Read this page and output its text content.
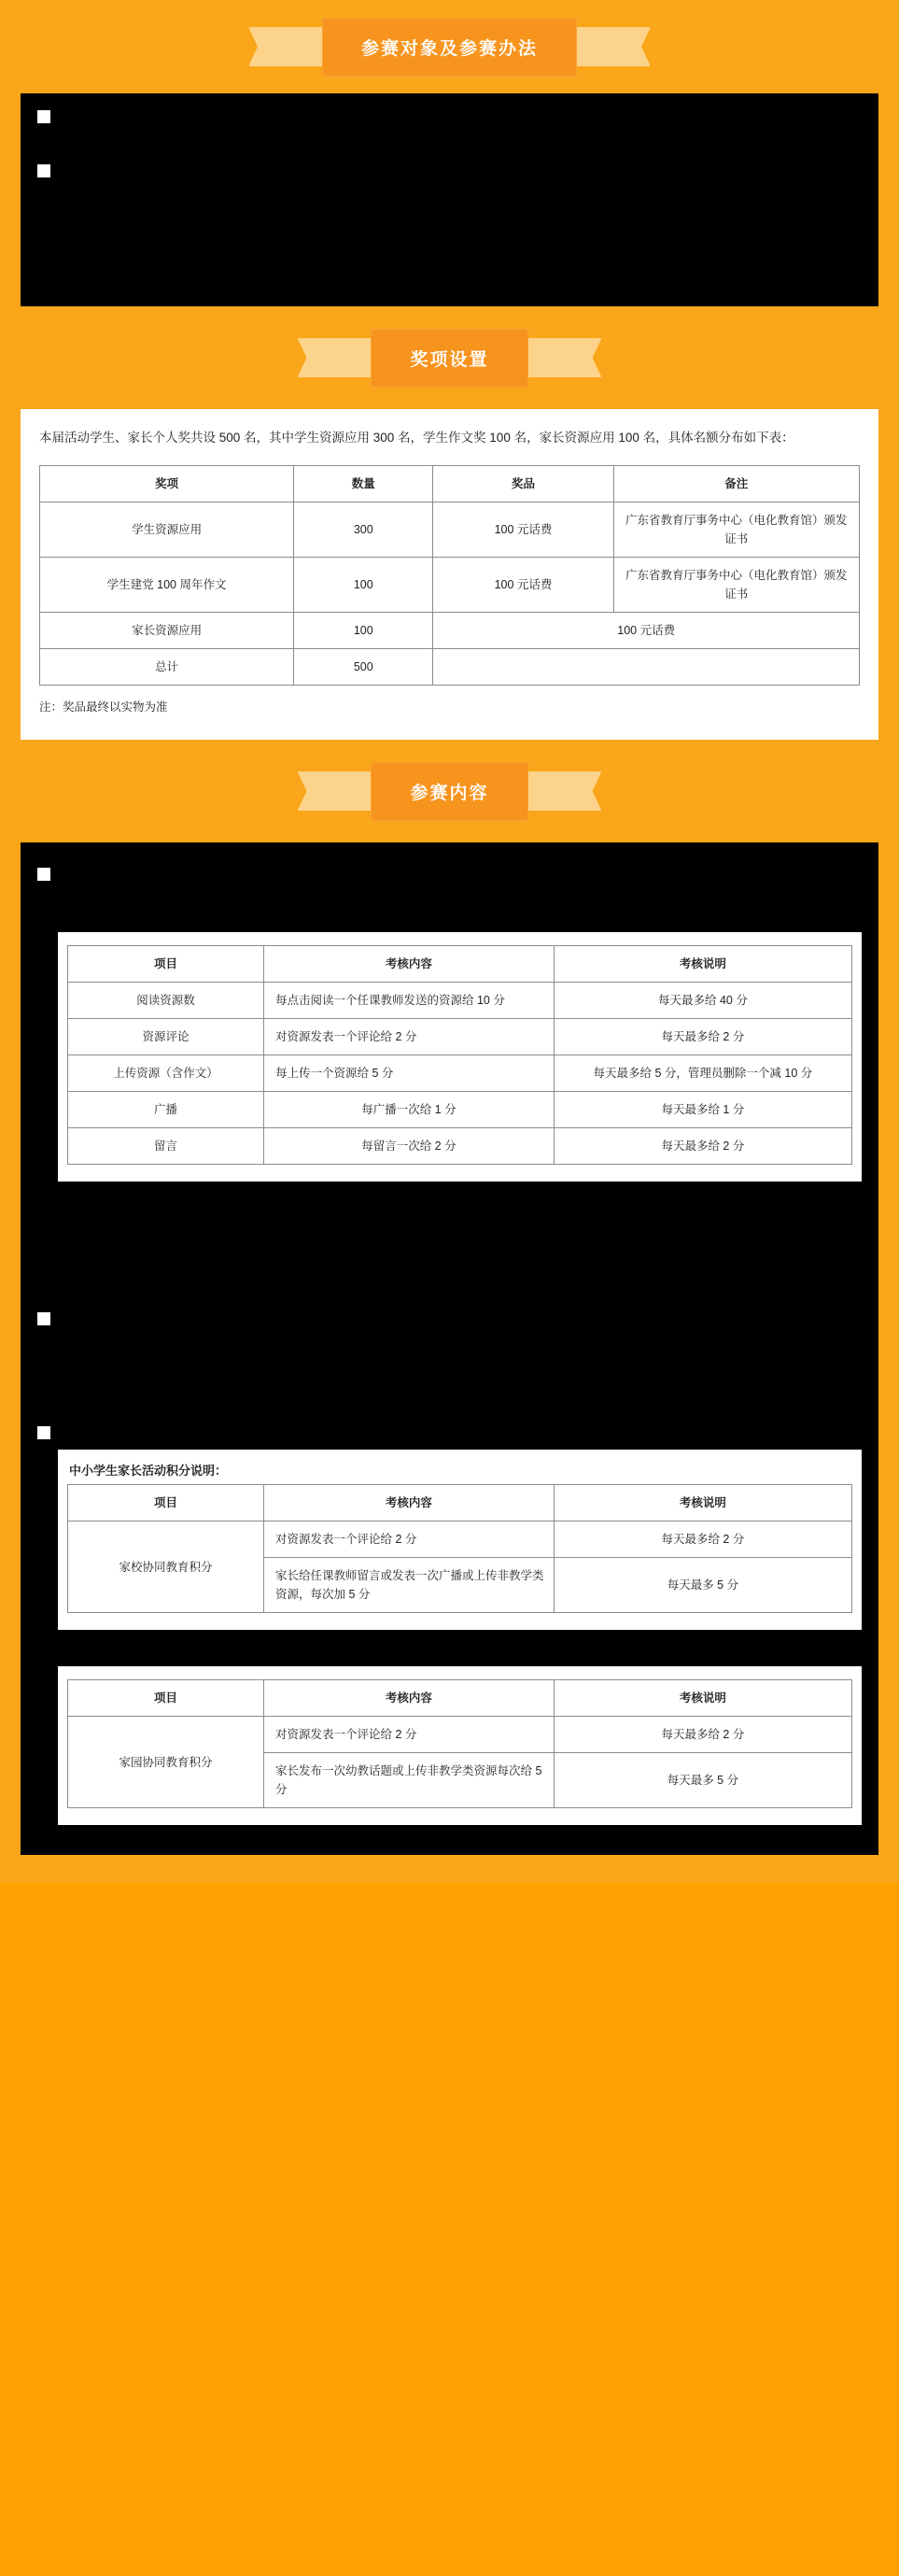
参赛对象及参赛办法
参赛对象
、广东省教育阶段小学、初中、高中的学生和家长，以及幼儿园的家长均可参加。
参赛办法
、互联网登录
广东省教育厅事务中心（广东省电化教育馆）粤教翔云网络学习空间平台 https://rrt.gdedu.gov.cn 或
和教育 同步课堂网络教学平台 http://www.ydxxt.com
、客户端登录
客户端下载地址：http://gdhjy.cn
奖项设置

本届活动学生、家长个人奖共设 500 名，其中学生资源应用 300 名，学生作文奖 100 名，家长资源应用 100 名，具体名额分布如下表：

奖项	数量	奖品	备注
学生资源应用	300	100 元话费	广东省教育厅事务中心（电化教育馆）颁发证书
学生建党 100 周年作文	100	100 元话费	广东省教育厅事务中心（电化教育馆）颁发证书
家长资源应用	100	100 元话费	
总计	500		
注：奖品最终以实物为准
参赛内容
中小学生资源应用
学生通过登录平台，学习任课教师发送的资源、上传作业、展示才艺、使用广播、留言、发表资源评论等获取活动积分，参与竞赛。
活动积分说明：
项目	考核内容	考核说明
阅读资源数	每点击阅读一个任课教师发送的资源给 10 分	每天最多给 40 分
资源评论	对资源发表一个评论给 2 分	每天最多给 2 分
上传资源（含作文）	每上传一个资源给 5 分	每天最多给 5 分，管理员删除一个减 10 分
广播	每广播一次给 1 分	每天最多给 1 分
留言	每留言一次给 2 分	每天最多给 2 分
说明：上传资源需要内容正确，标题合理，分类数量准确，如发生以下情况（但不限于）资源将被管理员删除：
1、上传不适合师生家长阅读的内容；
2、上传资源文件有错误，不能正常打开；
3、上传资源分类或量错误；
4、上传平台现有资源或资源设置雷同。
建党100周年中小学生作文
学生登录平台，点击"作文投稿"页面右上角的"作文投稿"参与作文的评选。
1、需要建党100周年的作文题，符合作文要求。
2、可以投多个作文投稿，以"好评数"最多的一篇作文参与评奖。
3、作品必须属原创所作，不得抄袭作假，否则取消参赛资格。
家庭优秀奖
中小学生家长活动积分说明：
项目	考核内容	考核说明
家校协同教育积分	对资源发表一个评论给 2 分	每天最多给 2 分
	家长给任课教师留言或发表一次广播或上传非教学类资源，每次加 5 分	每天最多 5 分
幼儿园家长活动积分说明：
项目	考核内容	考核说明
家园协同教育积分	对资源发表一个评论给 2 分	每天最多给 2 分
	家长发布一次幼教话题或上传非教学类资源每次给 5 分	每天最多 5 分
